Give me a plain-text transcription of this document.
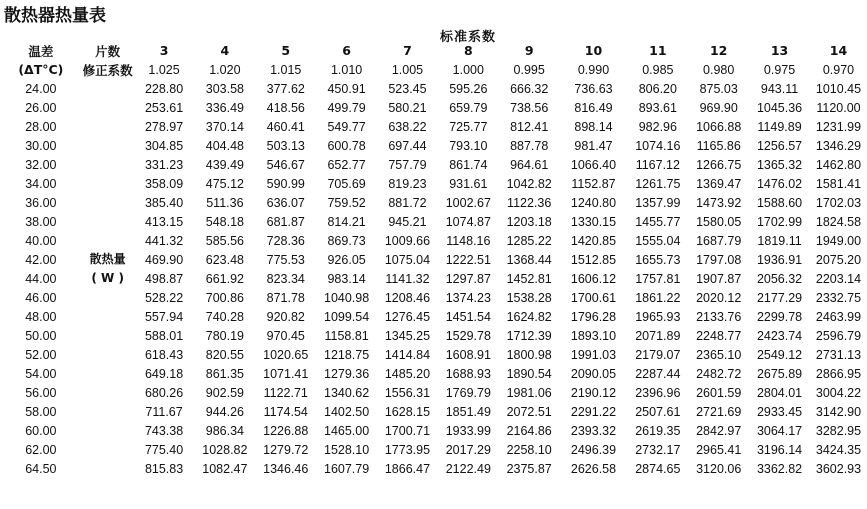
散热器热量表
标准系数
温差	片数	3	4	5	6	7	8	9	10	11	12	13	14
(ΔT°C)	修正系数	1.025	1.020	1.015	1.010	1.005	1.000	0.995	0.990	0.985	0.980	0.975	0.970
24.00		228.80	303.58	377.62	450.91	523.45	595.26	666.32	736.63	806.20	875.03	943.11	1010.45
26.00		253.61	336.49	418.56	499.79	580.21	659.79	738.56	816.49	893.61	969.90	1045.36	1120.00
28.00		278.97	370.14	460.41	549.77	638.22	725.77	812.41	898.14	982.96	1066.88	1149.89	1231.99
30.00		304.85	404.48	503.13	600.78	697.44	793.10	887.78	981.47	1074.16	1165.86	1256.57	1346.29
32.00		331.23	439.49	546.67	652.77	757.79	861.74	964.61	1066.40	1167.12	1266.75	1365.32	1462.80
34.00		358.09	475.12	590.99	705.69	819.23	931.61	1042.82	1152.87	1261.75	1369.47	1476.02	1581.41
36.00		385.40	511.36	636.07	759.52	881.72	1002.67	1122.36	1240.80	1357.99	1473.92	1588.60	1702.03
38.00		413.15	548.18	681.87	814.21	945.21	1074.87	1203.18	1330.15	1455.77	1580.05	1702.99	1824.58
40.00		441.32	585.56	728.36	869.73	1009.66	1148.16	1285.22	1420.85	1555.04	1687.79	1819.11	1949.00
42.00	散热量	469.90	623.48	775.53	926.05	1075.04	1222.51	1368.44	1512.85	1655.73	1797.08	1936.91	2075.20
44.00	( W )	498.87	661.92	823.34	983.14	1141.32	1297.87	1452.81	1606.12	1757.81	1907.87	2056.32	2203.14
46.00		528.22	700.86	871.78	1040.98	1208.46	1374.23	1538.28	1700.61	1861.22	2020.12	2177.29	2332.75
48.00		557.94	740.28	920.82	1099.54	1276.45	1451.54	1624.82	1796.28	1965.93	2133.76	2299.78	2463.99
50.00		588.01	780.19	970.45	1158.81	1345.25	1529.78	1712.39	1893.10	2071.89	2248.77	2423.74	2596.79
52.00		618.43	820.55	1020.65	1218.75	1414.84	1608.91	1800.98	1991.03	2179.07	2365.10	2549.12	2731.13
54.00		649.18	861.35	1071.41	1279.36	1485.20	1688.93	1890.54	2090.05	2287.44	2482.72	2675.89	2866.95
56.00		680.26	902.59	1122.71	1340.62	1556.31	1769.79	1981.06	2190.12	2396.96	2601.59	2804.01	3004.22
58.00		711.67	944.26	1174.54	1402.50	1628.15	1851.49	2072.51	2291.22	2507.61	2721.69	2933.45	3142.90
60.00		743.38	986.34	1226.88	1465.00	1700.71	1933.99	2164.86	2393.32	2619.35	2842.97	3064.17	3282.95
62.00		775.40	1028.82	1279.72	1528.10	1773.95	2017.29	2258.10	2496.39	2732.17	2965.41	3196.14	3424.35
64.50		815.83	1082.47	1346.46	1607.79	1866.47	2122.49	2375.87	2626.58	2874.65	3120.06	3362.82	3602.93
